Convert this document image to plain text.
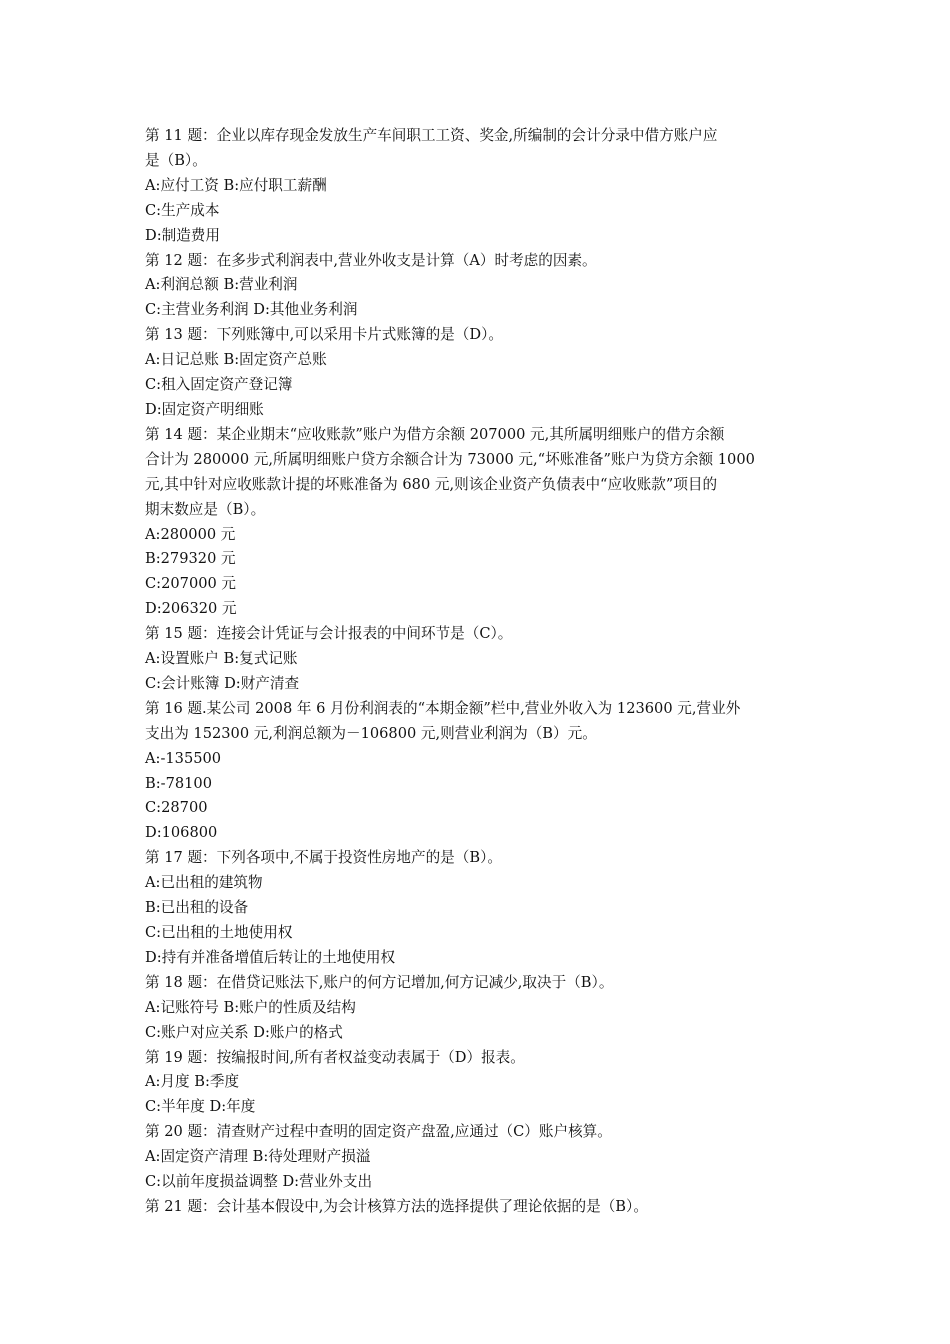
第 11 题：企业以库存现金发放生产车间职工工资、奖金,所编制的会计分录中借方账户应
是（B）。
A:应付工资 B:应付职工薪酬
C:生产成本
D:制造费用
第 12 题：在多步式利润表中,营业外收支是计算（A）时考虑的因素。
A:利润总额 B:营业利润
C:主营业务利润 D:其他业务利润
第 13 题：下列账簿中,可以采用卡片式账簿的是（D）。
A:日记总账 B:固定资产总账
C:租入固定资产登记簿
D:固定资产明细账
第 14 题：某企业期末“应收账款”账户为借方余额 207000 元,其所属明细账户的借方余额
合计为 280000 元,所属明细账户贷方余额合计为 73000 元,“坏账准备”账户为贷方余额 1000
元,其中针对应收账款计提的坏账准备为 680 元,则该企业资产负债表中“应收账款”项目的
期末数应是（B）。
A:280000 元
B:279320 元
C:207000 元
D:206320 元
第 15 题：连接会计凭证与会计报表的中间环节是（C）。
A:设置账户 B:复式记账
C:会计账簿 D:财产清查
第 16 题.某公司 2008 年 6 月份利润表的“本期金额”栏中,营业外收入为 123600 元,营业外
支出为 152300 元,利润总额为－106800 元,则营业利润为（B）元。
A:-135500
B:-78100
C:28700
D:106800
第 17 题：下列各项中,不属于投资性房地产的是（B）。
A:已出租的建筑物
B:已出租的设备
C:已出租的土地使用权
D:持有并准备增值后转让的土地使用权
第 18 题：在借贷记账法下,账户的何方记增加,何方记减少,取决于（B）。
A:记账符号 B:账户的性质及结构
C:账户对应关系 D:账户的格式
第 19 题：按编报时间,所有者权益变动表属于（D）报表。
A:月度 B:季度
C:半年度 D:年度
第 20 题：清查财产过程中查明的固定资产盘盈,应通过（C）账户核算。
A:固定资产清理 B:待处理财产损溢
C:以前年度损益调整 D:营业外支出
第 21 题：会计基本假设中,为会计核算方法的选择提供了理论依据的是（B）。
